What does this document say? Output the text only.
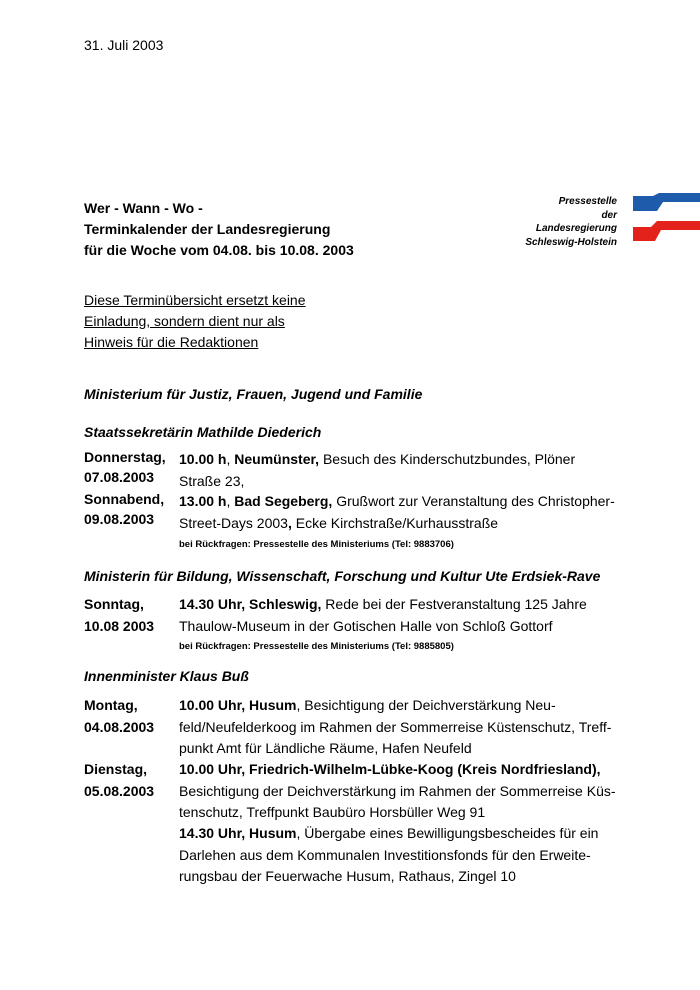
31. Juli 2003
Wer - Wann - Wo -
Terminkalender der Landesregierung
für die Woche vom 04.08. bis 10.08. 2003
Pressestelle
der
Landesregierung
Schleswig-Holstein
Diese Terminübersicht ersetzt keine
Einladung, sondern dient nur als
Hinweis für die Redaktionen
Ministerium für Justiz, Frauen, Jugend und Familie
Staatssekretärin Mathilde Diederich
Donnerstag,
07.08.2003
10.00 h, Neumünster, Besuch des Kinderschutzbundes, Plöner
Straße 23,
Sonnabend,
09.08.2003
13.00 h, Bad Segeberg, Grußwort zur Veranstaltung des Christopher-
Street-Days 2003, Ecke Kirchstraße/Kurhausstraße
bei Rückfragen: Pressestelle des Ministeriums (Tel: 9883706)
Ministerin für Bildung, Wissenschaft, Forschung und Kultur Ute Erdsiek-Rave
Sonntag,
10.08 2003
14.30 Uhr, Schleswig, Rede bei der Festveranstaltung 125 Jahre
Thaulow-Museum in der Gotischen Halle von Schloß Gottorf
bei Rückfragen: Pressestelle des Ministeriums (Tel: 9885805)
Innenminister Klaus Buß
Montag,
04.08.2003
10.00 Uhr, Husum, Besichtigung der Deichverstärkung Neu-
feld/Neufelderkoog im Rahmen der Sommerreise Küstenschutz, Treff-
punkt Amt für Ländliche Räume, Hafen Neufeld
Dienstag,
05.08.2003
10.00 Uhr, Friedrich-Wilhelm-Lübke-Koog (Kreis Nordfriesland),
Besichtigung der Deichverstärkung im Rahmen der Sommerreise Küs-
tenschutz, Treffpunkt Baubüro Horsbüller Weg 91
14.30 Uhr, Husum, Übergabe eines Bewilligungsbescheides für ein
Darlehen aus dem Kommunalen Investitionsfonds für den Erweite-
rungsbau der Feuerwache Husum, Rathaus, Zingel 10
